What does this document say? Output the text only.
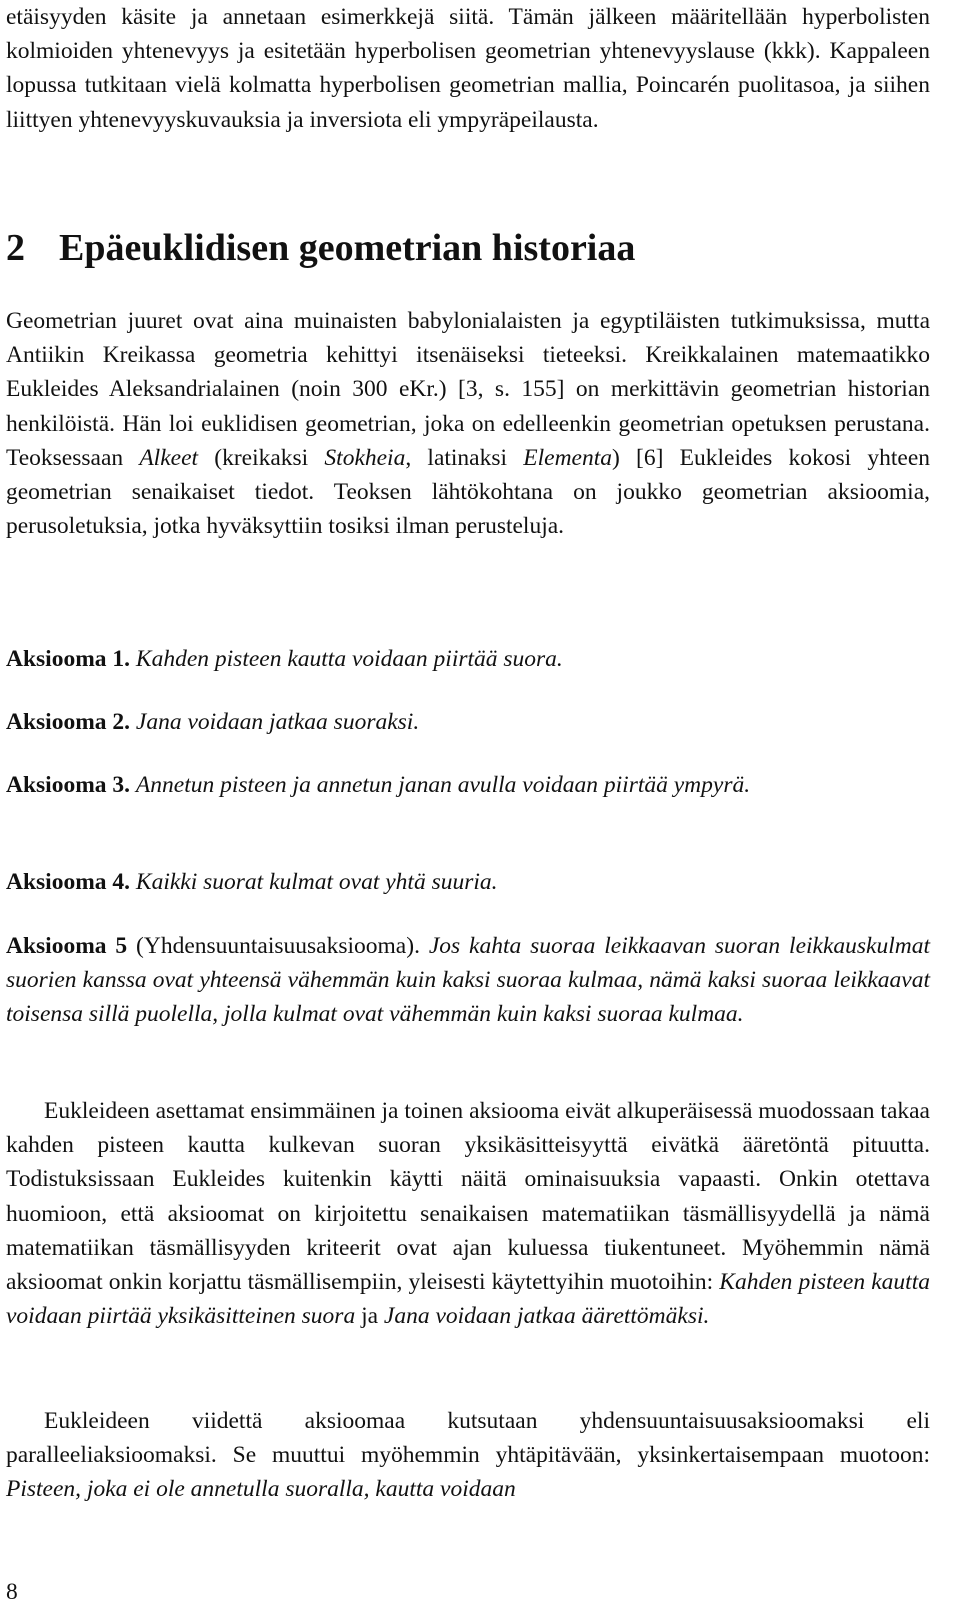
etäisyyden käsite ja annetaan esimerkkejä siitä. Tämän jälkeen määritellään hyperbolisten kolmioiden yhtenevyys ja esitetään hyperbolisen geometrian yhtenevyyslause (kkk). Kappaleen lopussa tutkitaan vielä kolmatta hyperbolisen geometrian mallia, Poincarén puolitasoa, ja siihen liittyen yhtenevyyskuvauksia ja inversiota eli ympyräpeilausta.

2 Epäeuklidisen geometrian historiaa

Geometrian juuret ovat aina muinaisten babylonialaisten ja egyptiläisten tutkimuksissa, mutta Antiikin Kreikassa geometria kehittyi itsenäiseksi tieteeksi. Kreikkalainen matemaatikko Eukleides Aleksandrialainen (noin 300 eKr.) [3, s. 155] on merkittävin geometrian historian henkilöistä. Hän loi euklidisen geometrian, joka on edelleenkin geometrian opetuksen perustana. Teoksessaan Alkeet (kreikaksi Stokheia, latinaksi Elementa) [6] Eukleides kokosi yhteen geometrian senaikaiset tiedot. Teoksen lähtökohtana on joukko geometrian aksioomia, perusoletuksia, jotka hyväksyttiin tosiksi ilman perusteluja.

Aksiooma 1. Kahden pisteen kautta voidaan piirtää suora.

Aksiooma 2. Jana voidaan jatkaa suoraksi.

Aksiooma 3. Annetun pisteen ja annetun janan avulla voidaan piirtää ympyrä.

Aksiooma 4. Kaikki suorat kulmat ovat yhtä suuria.

Aksiooma 5 (Yhdensuuntaisuusaksiooma). Jos kahta suoraa leikkaavan suoran leikkauskulmat suorien kanssa ovat yhteensä vähemmän kuin kaksi suoraa kulmaa, nämä kaksi suoraa leikkaavat toisensa sillä puolella, jolla kulmat ovat vähemmän kuin kaksi suoraa kulmaa.

Eukleideen asettamat ensimmäinen ja toinen aksiooma eivät alkuperäisessä muodossaan takaa kahden pisteen kautta kulkevan suoran yksikäsitteisyyttä eivätkä ääretöntä pituutta. Todistuksissaan Eukleides kuitenkin käytti näitä ominaisuuksia vapaasti. Onkin otettava huomioon, että aksioomat on kirjoitettu senaikaisen matematiikan täsmällisyydellä ja nämä matematiikan täsmällisyyden kriteerit ovat ajan kuluessa tiukentuneet. Myöhemmin nämä aksioomat onkin korjattu täsmällisempiin, yleisesti käytettyihin muotoihin: Kahden pisteen kautta voidaan piirtää yksikäsitteinen suora ja Jana voidaan jatkaa äärettömäksi.

Eukleideen viidettä aksioomaa kutsutaan yhdensuuntaisuusaksioomaksi eli paralleeliaksioomaksi. Se muuttui myöhemmin yhtäpitävään, yksinkertaisempaan muotoon: Pisteen, joka ei ole annetulla suoralla, kautta voidaan

8
